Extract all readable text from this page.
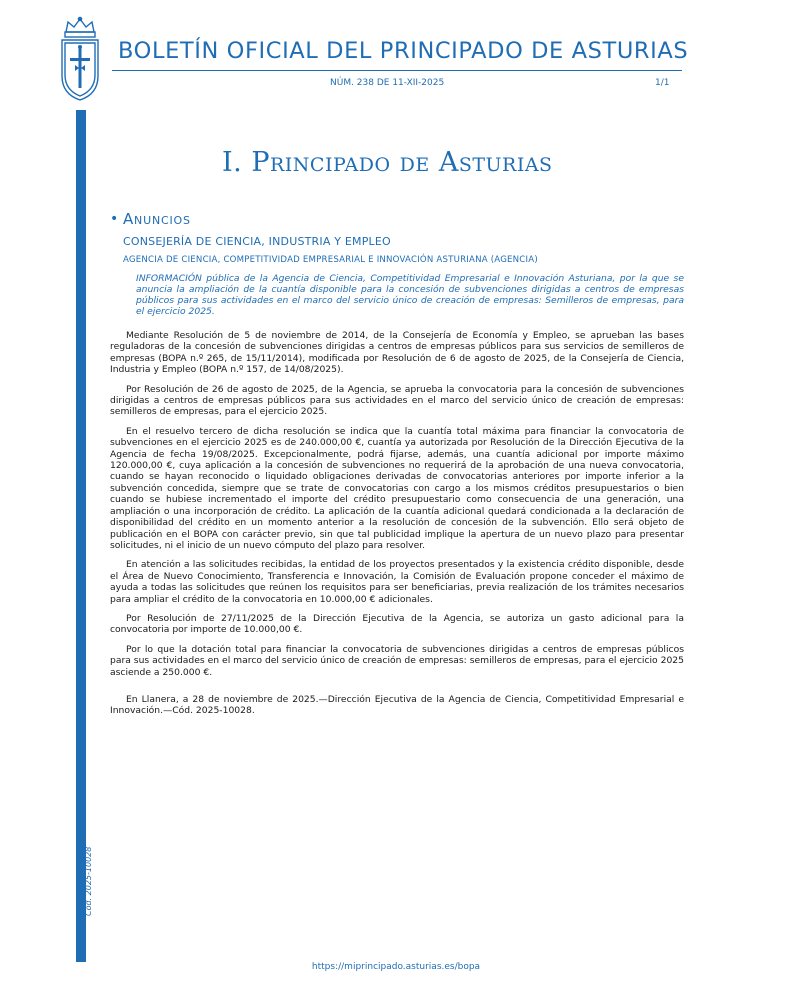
Cód. 2025-10028
BOLETÍN OFICIAL DEL PRINCIPADO DE ASTURIAS
NÚM. 238 DE 11-XII-2025	1/1
I. Principado de Asturias
• Anuncios
CONSEJERÍA DE CIENCIA, INDUSTRIA Y EMPLEO
AGENCIA DE CIENCIA, COMPETITIVIDAD EMPRESARIAL E INNOVACIÓN ASTURIANA (AGENCIA)
INFORMACIÓN pública de la Agencia de Ciencia, Competitividad Empresarial e Innovación Asturiana, por la que se anuncia la ampliación de la cuantía disponible para la concesión de subvenciones dirigidas a centros de empresas públicos para sus actividades en el marco del servicio único de creación de empresas: Semilleros de empresas, para el ejercicio 2025.

Mediante Resolución de 5 de noviembre de 2014, de la Consejería de Economía y Empleo, se aprueban las bases reguladoras de la concesión de subvenciones dirigidas a centros de empresas públicos para sus servicios de semilleros de empresas (BOPA n.º 265, de 15/11/2014), modificada por Resolución de 6 de agosto de 2025, de la Consejería de Ciencia, Industria y Empleo (BOPA n.º 157, de 14/08/2025).

Por Resolución de 26 de agosto de 2025, de la Agencia, se aprueba la convocatoria para la concesión de subvenciones dirigidas a centros de empresas públicos para sus actividades en el marco del servicio único de creación de empresas: semilleros de empresas, para el ejercicio 2025.

En el resuelvo tercero de dicha resolución se indica que la cuantía total máxima para financiar la convocatoria de subvenciones en el ejercicio 2025 es de 240.000,00 €, cuantía ya autorizada por Resolución de la Dirección Ejecutiva de la Agencia de fecha 19/08/2025. Excepcionalmente, podrá fijarse, además, una cuantía adicional por importe máximo 120.000,00 €, cuya aplicación a la concesión de subvenciones no requerirá de la aprobación de una nueva convocatoria, cuando se hayan reconocido o liquidado obligaciones derivadas de convocatorias anteriores por importe inferior a la subvención concedida, siempre que se trate de convocatorias con cargo a los mismos créditos presupuestarios o bien cuando se hubiese incrementado el importe del crédito presupuestario como consecuencia de una generación, una ampliación o una incorporación de crédito. La aplicación de la cuantía adicional quedará condicionada a la declaración de disponibilidad del crédito en un momento anterior a la resolución de concesión de la subvención. Ello será objeto de publicación en el BOPA con carácter previo, sin que tal publicidad implique la apertura de un nuevo plazo para presentar solicitudes, ni el inicio de un nuevo cómputo del plazo para resolver.

En atención a las solicitudes recibidas, la entidad de los proyectos presentados y la existencia crédito disponible, desde el Área de Nuevo Conocimiento, Transferencia e Innovación, la Comisión de Evaluación propone conceder el máximo de ayuda a todas las solicitudes que reúnen los requisitos para ser beneficiarias, previa realización de los trámites necesarios para ampliar el crédito de la convocatoria en 10.000,00 € adicionales.

Por Resolución de 27/11/2025 de la Dirección Ejecutiva de la Agencia, se autoriza un gasto adicional para la convocatoria por importe de 10.000,00 €.

Por lo que la dotación total para financiar la convocatoria de subvenciones dirigidas a centros de empresas públicos para sus actividades en el marco del servicio único de creación de empresas: semilleros de empresas, para el ejercicio 2025 asciende a 250.000 €.

En Llanera, a 28 de noviembre de 2025.—Dirección Ejecutiva de la Agencia de Ciencia, Competitividad Empresarial e Innovación.—Cód. 2025-10028.

https://miprincipado.asturias.es/bopa
